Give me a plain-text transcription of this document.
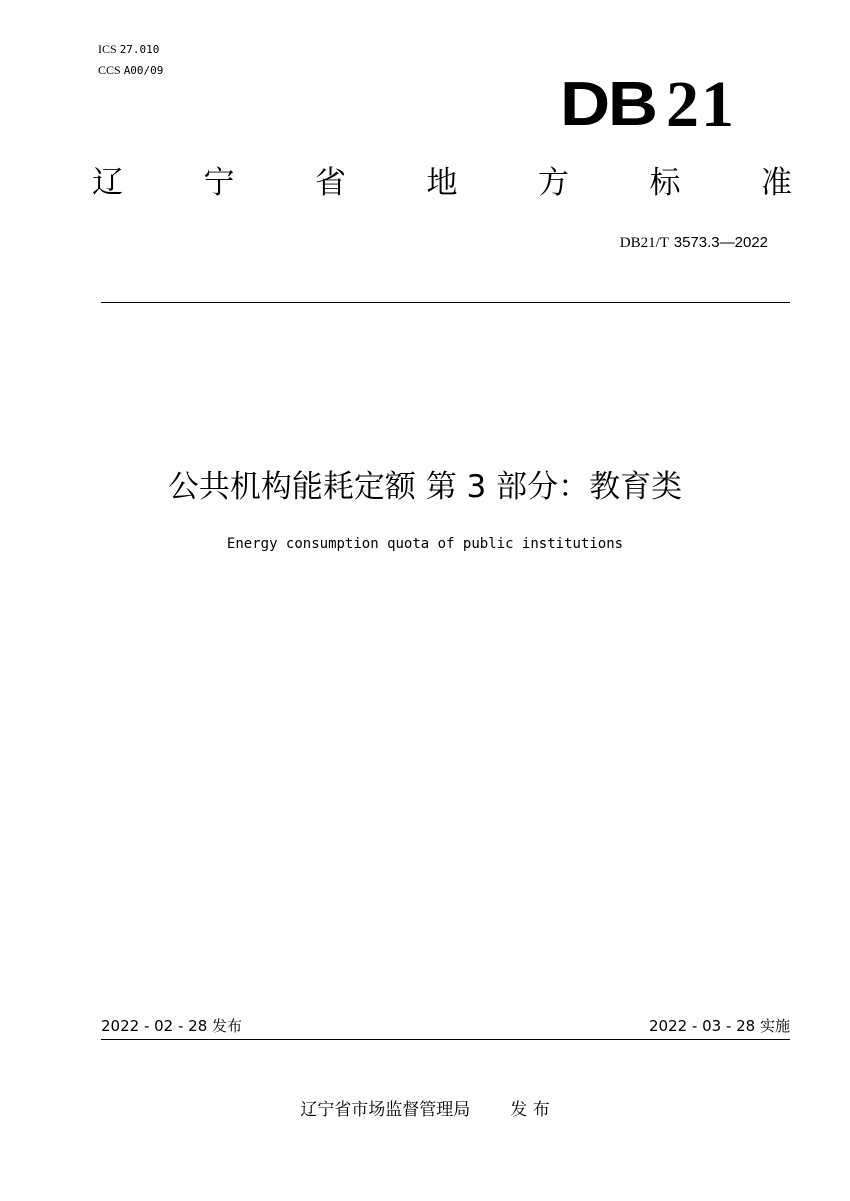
ICS 27.010
CCS A00/09	DB 21
辽	宁	省	地	方	标	准
DB21/T 3573.3—2022
公共机构能耗定额 第 3 部分：教育类
Energy consumption quota of public institutions
2022 - 02 - 28 发布	2022 - 03 - 28 实施
辽宁省市场监督管理局 发 布
